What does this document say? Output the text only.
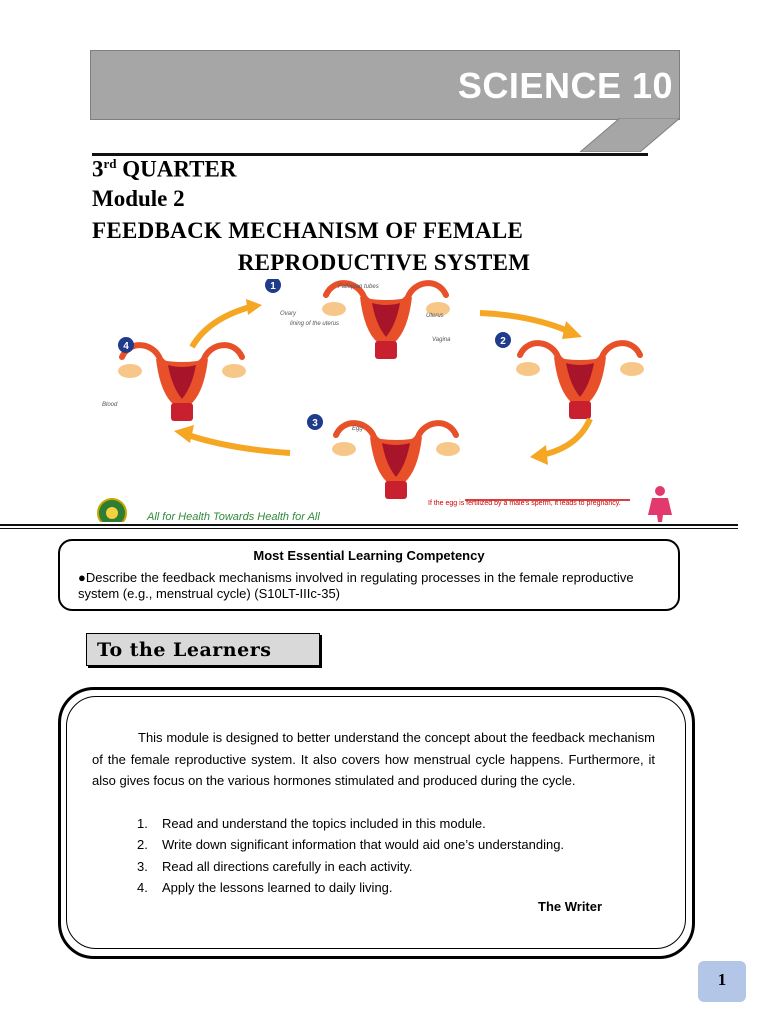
SCIENCE 10
3rd QUARTER
Module 2
FEEDBACK MECHANISM OF FEMALE
REPRODUCTIVE SYSTEM
1	Fallopian tubes
Ovary
lining of the uterus
Uterus
Vagina	2
3	Egg
4
Blood
All for Health Towards Health for All
If the egg is fertilized by a male's sperm, it leads to pregnancy.
Most Essential Learning Competency
●Describe the feedback mechanisms involved in regulating processes in the female reproductive system (e.g., menstrual cycle) (S10LT-IIIc-35)
To the Learners
This module is designed to better understand the concept about the feedback mechanism of the female reproductive system. It also covers how menstrual cycle happens. Furthermore, it also gives focus on the various hormones stimulated and produced during the cycle.
1. Read and understand the topics included in this module.
2. Write down significant information that would aid one’s understanding.
3. Read all directions carefully in each activity.
4. Apply the lessons learned to daily living.
The Writer
1
